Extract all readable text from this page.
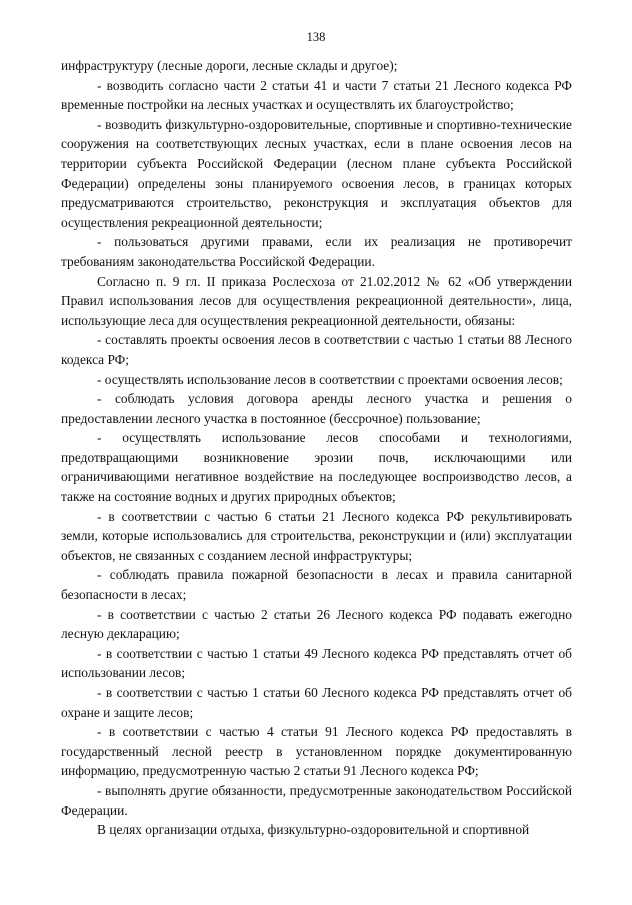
138

инфраструктуру (лесные дороги, лесные склады и другое);

- возводить согласно части 2 статьи 41 и части 7 статьи 21 Лесного кодекса РФ временные постройки на лесных участках и осуществлять их благоустройство;

- возводить физкультурно-оздоровительные, спортивные и спортивно-технические сооружения на соответствующих лесных участках, если в плане освоения лесов на территории субъекта Российской Федерации (лесном плане субъекта Российской Федерации) определены зоны планируемого освоения лесов, в границах которых предусматриваются строительство, реконструкция и эксплуатация объектов для осуществления рекреационной деятельности;

- пользоваться другими правами, если их реализация не противоречит требованиям законодательства Российской Федерации.

Согласно п. 9 гл. II приказа Рослесхоза от 21.02.2012 № 62 «Об утверждении Правил использования лесов для осуществления рекреационной деятельности», лица, использующие леса для осуществления рекреационной деятельности, обязаны:

- составлять проекты освоения лесов в соответствии с частью 1 статьи 88 Лесного кодекса РФ;

- осуществлять использование лесов в соответствии с проектами освоения лесов;

- соблюдать условия договора аренды лесного участка и решения о предоставлении лесного участка в постоянное (бессрочное) пользование;

- осуществлять использование лесов способами и технологиями, предотвращающими возникновение эрозии почв, исключающими или ограничивающими негативное воздействие на последующее воспроизводство лесов, а также на состояние водных и других природных объектов;

- в соответствии с частью 6 статьи 21 Лесного кодекса РФ рекультивировать земли, которые использовались для строительства, реконструкции и (или) эксплуатации объектов, не связанных с созданием лесной инфраструктуры;

- соблюдать правила пожарной безопасности в лесах и правила санитарной безопасности в лесах;

- в соответствии с частью 2 статьи 26 Лесного кодекса РФ подавать ежегодно лесную декларацию;

- в соответствии с частью 1 статьи 49 Лесного кодекса РФ представлять отчет об использовании лесов;

- в соответствии с частью 1 статьи 60 Лесного кодекса РФ представлять отчет об охране и защите лесов;

- в соответствии с частью 4 статьи 91 Лесного кодекса РФ предоставлять в государственный лесной реестр в установленном порядке документированную информацию, предусмотренную частью 2 статьи 91 Лесного кодекса РФ;

- выполнять другие обязанности, предусмотренные законодательством Российской Федерации.

В целях организации отдыха, физкультурно-оздоровительной и спортивной
